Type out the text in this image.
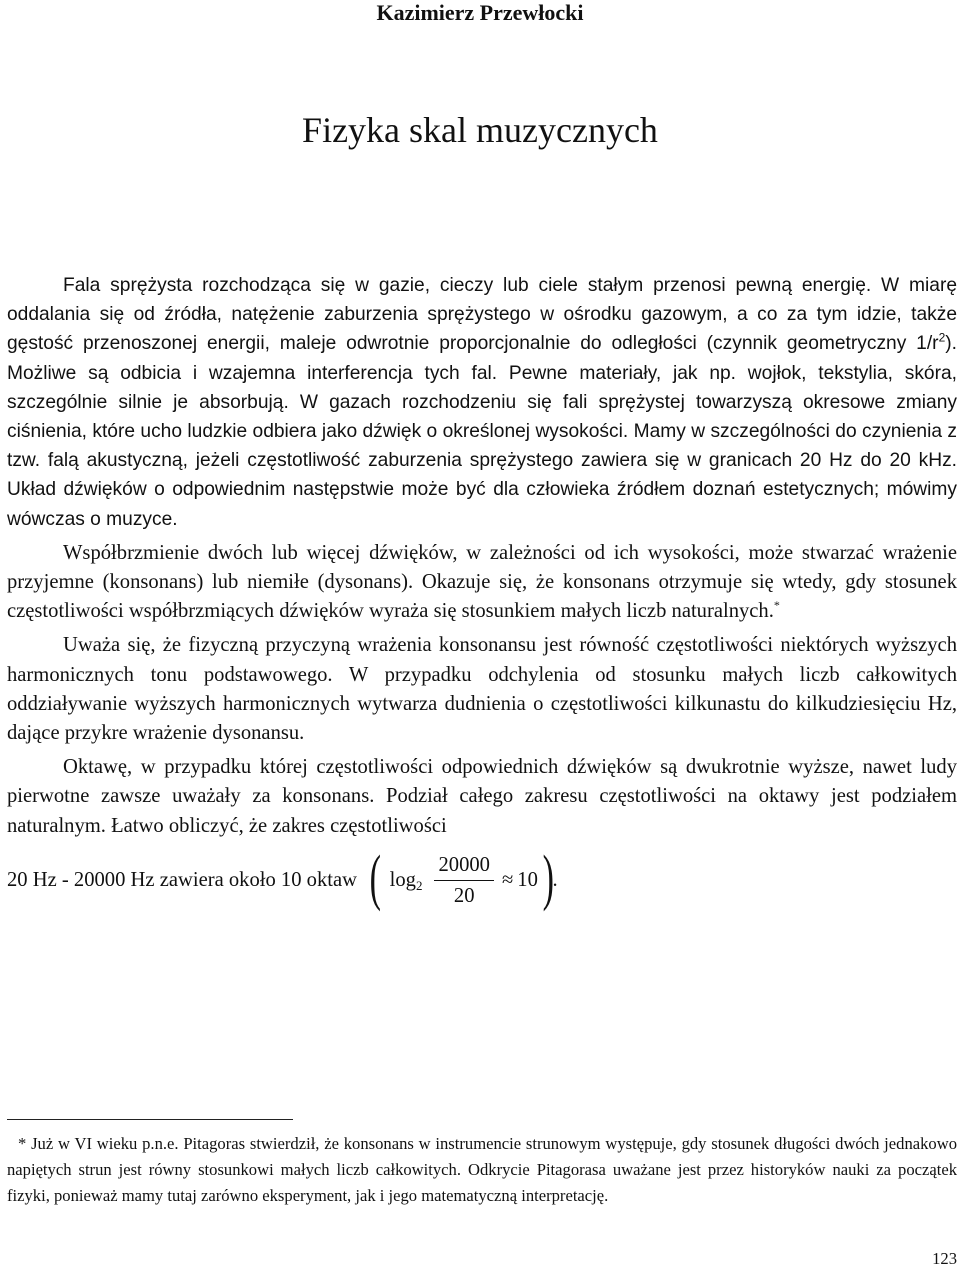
Kazimierz Przewłocki
Fizyka skal muzycznych

Fala sprężysta rozchodząca się w gazie, cieczy lub ciele stałym przenosi pewną energię. W miarę oddalania się od źródła, natężenie zaburzenia sprężystego w ośrodku gazowym, a co za tym idzie, także gęstość przenoszonej energii, maleje odwrotnie proporcjonalnie do odległości (czynnik geometryczny $1/r^2$). Możliwe są odbicia i wzajemna interferencja tych fal. Pewne materiały, jak np. wojłok, tekstylia, skóra, szczególnie silnie je absorbują. W gazach rozchodzeniu się fali sprężystej towarzyszą okresowe zmiany ciśnienia, które ucho ludzkie odbiera jako dźwięk o określonej wysokości. Mamy w szczególności do czynienia z tzw. falą akustyczną, jeżeli częstotliwość zaburzenia sprężystego zawiera się w granicach 20 Hz do 20 kHz. Układ dźwięków o odpowiednim następstwie może być dla człowieka źródłem doznań estetycznych; mówimy wówczas o muzyce.

Współbrzmienie dwóch lub więcej dźwięków, w zależności od ich wysokości, może stwarzać wrażenie przyjemne (konsonans) lub niemiłe (dysonans). Okazuje się, że konsonans otrzymuje się wtedy, gdy stosunek częstotliwości współbrzmiących dźwięków wyraża się stosunkiem małych liczb naturalnych.*

Uważa się, że fizyczną przyczyną wrażenia konsonansu jest równość częstotliwości niektórych wyższych harmonicznych tonu podstawowego. W przypadku odchylenia od stosunku małych liczb całkowitych oddziaływanie wyższych harmonicznych wytwarza dudnienia o częstotliwości kilkunastu do kilkudziesięciu Hz, dające przykre wrażenie dysonansu.

Oktawę, w przypadku której częstotliwości odpowiednich dźwięków są dwukrotnie wyższe, nawet ludy pierwotne zawsze uważały za konsonans. Podział całego zakresu częstotliwości na oktawy jest podziałem naturalnym. Łatwo obliczyć, że zakres częstotliwości

20 Hz - 20000 Hz zawiera około 10 oktaw ( $\log 2 \frac{20000}{20} \approx 10$ )
.

* Już w VI wieku p.n.e. Pitagoras stwierdził, że konsonans w instrumencie strunowym występuje, gdy stosunek długości dwóch jednakowo napiętych strun jest równy stosunkowi małych liczb całkowitych. Odkrycie Pitagorasa uważane jest przez historyków nauki za początek fizyki, ponieważ mamy tutaj zarówno eksperyment, jak i jego matematyczną interpretację.

123
